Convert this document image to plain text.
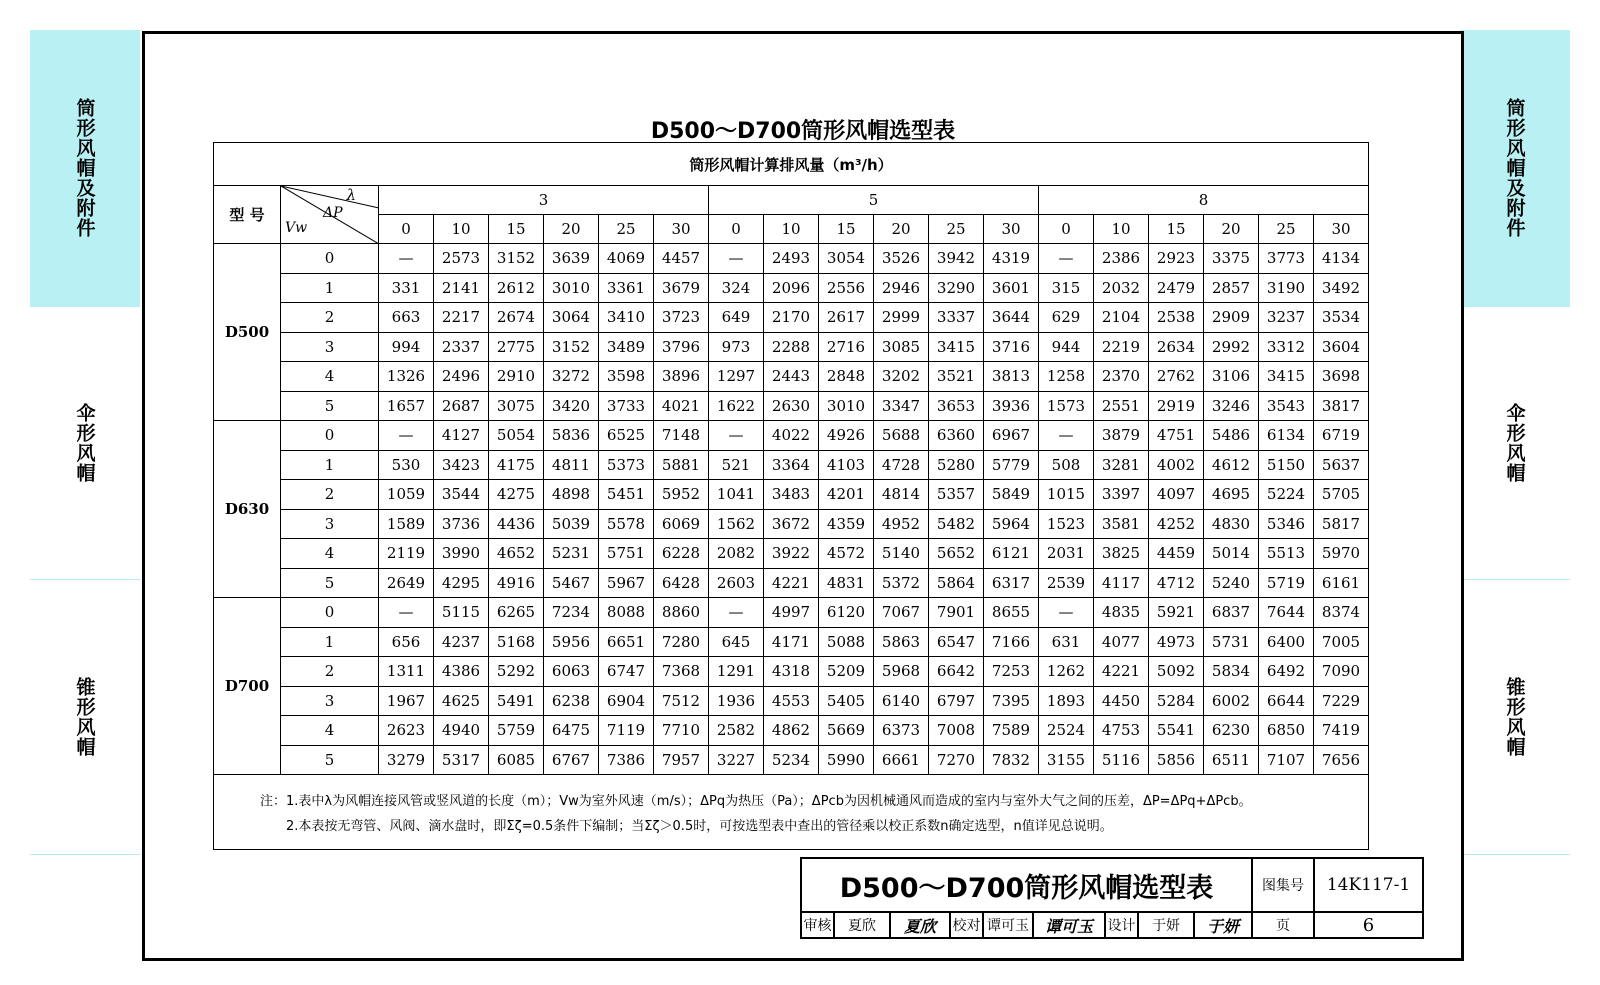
筒形风帽及附件
伞形风帽
锥形风帽
筒形风帽及附件
伞形风帽
锥形风帽
D500～D700筒形风帽选型表
筒形风帽计算排风量（m³/h）																			
型 号	λ
ΔP
Vw	3						5						8					
		0	10	15	20	25	30	0	10	15	20	25	30	0	10	15	20	25	30
D500	0	—	2573	3152	3639	4069	4457	—	2493	3054	3526	3942	4319	—	2386	2923	3375	3773	4134
	1	331	2141	2612	3010	3361	3679	324	2096	2556	2946	3290	3601	315	2032	2479	2857	3190	3492
	2	663	2217	2674	3064	3410	3723	649	2170	2617	2999	3337	3644	629	2104	2538	2909	3237	3534
	3	994	2337	2775	3152	3489	3796	973	2288	2716	3085	3415	3716	944	2219	2634	2992	3312	3604
	4	1326	2496	2910	3272	3598	3896	1297	2443	2848	3202	3521	3813	1258	2370	2762	3106	3415	3698
	5	1657	2687	3075	3420	3733	4021	1622	2630	3010	3347	3653	3936	1573	2551	2919	3246	3543	3817
D630	0	—	4127	5054	5836	6525	7148	—	4022	4926	5688	6360	6967	—	3879	4751	5486	6134	6719
	1	530	3423	4175	4811	5373	5881	521	3364	4103	4728	5280	5779	508	3281	4002	4612	5150	5637
	2	1059	3544	4275	4898	5451	5952	1041	3483	4201	4814	5357	5849	1015	3397	4097	4695	5224	5705
	3	1589	3736	4436	5039	5578	6069	1562	3672	4359	4952	5482	5964	1523	3581	4252	4830	5346	5817
	4	2119	3990	4652	5231	5751	6228	2082	3922	4572	5140	5652	6121	2031	3825	4459	5014	5513	5970
	5	2649	4295	4916	5467	5967	6428	2603	4221	4831	5372	5864	6317	2539	4117	4712	5240	5719	6161
D700	0	—	5115	6265	7234	8088	8860	—	4997	6120	7067	7901	8655	—	4835	5921	6837	7644	8374
	1	656	4237	5168	5956	6651	7280	645	4171	5088	5863	6547	7166	631	4077	4973	5731	6400	7005
	2	1311	4386	5292	6063	6747	7368	1291	4318	5209	5968	6642	7253	1262	4221	5092	5834	6492	7090
	3	1967	4625	5491	6238	6904	7512	1936	4553	5405	6140	6797	7395	1893	4450	5284	6002	6644	7229
	4	2623	4940	5759	6475	7119	7710	2582	4862	5669	6373	7008	7589	2524	4753	5541	6230	6850	7419
	5	3279	5317	6085	6767	7386	7957	3227	5234	5990	6661	7270	7832	3155	5116	5856	6511	7107	7656

注：1.表中λ为风帽连接风管或竖风道的长度（m）；Vw为室外风速（m/s）；ΔPq为热压（Pa）；ΔPcb为因机械通风而造成的室内与室外大气之间的压差，ΔP=ΔPq+ΔPcb。
2.本表按无弯管、风阀、滴水盘时，即Σζ=0.5条件下编制；当Σζ＞0.5时，可按选型表中查出的管径乘以校正系数n确定选型，n值详见总说明。																			
D500～D700筒形风帽选型表									图集号	14K117-1
审核	夏欣	夏欣	校对	谭可玉	谭可玉	设计	于妍	于妍	页	6
